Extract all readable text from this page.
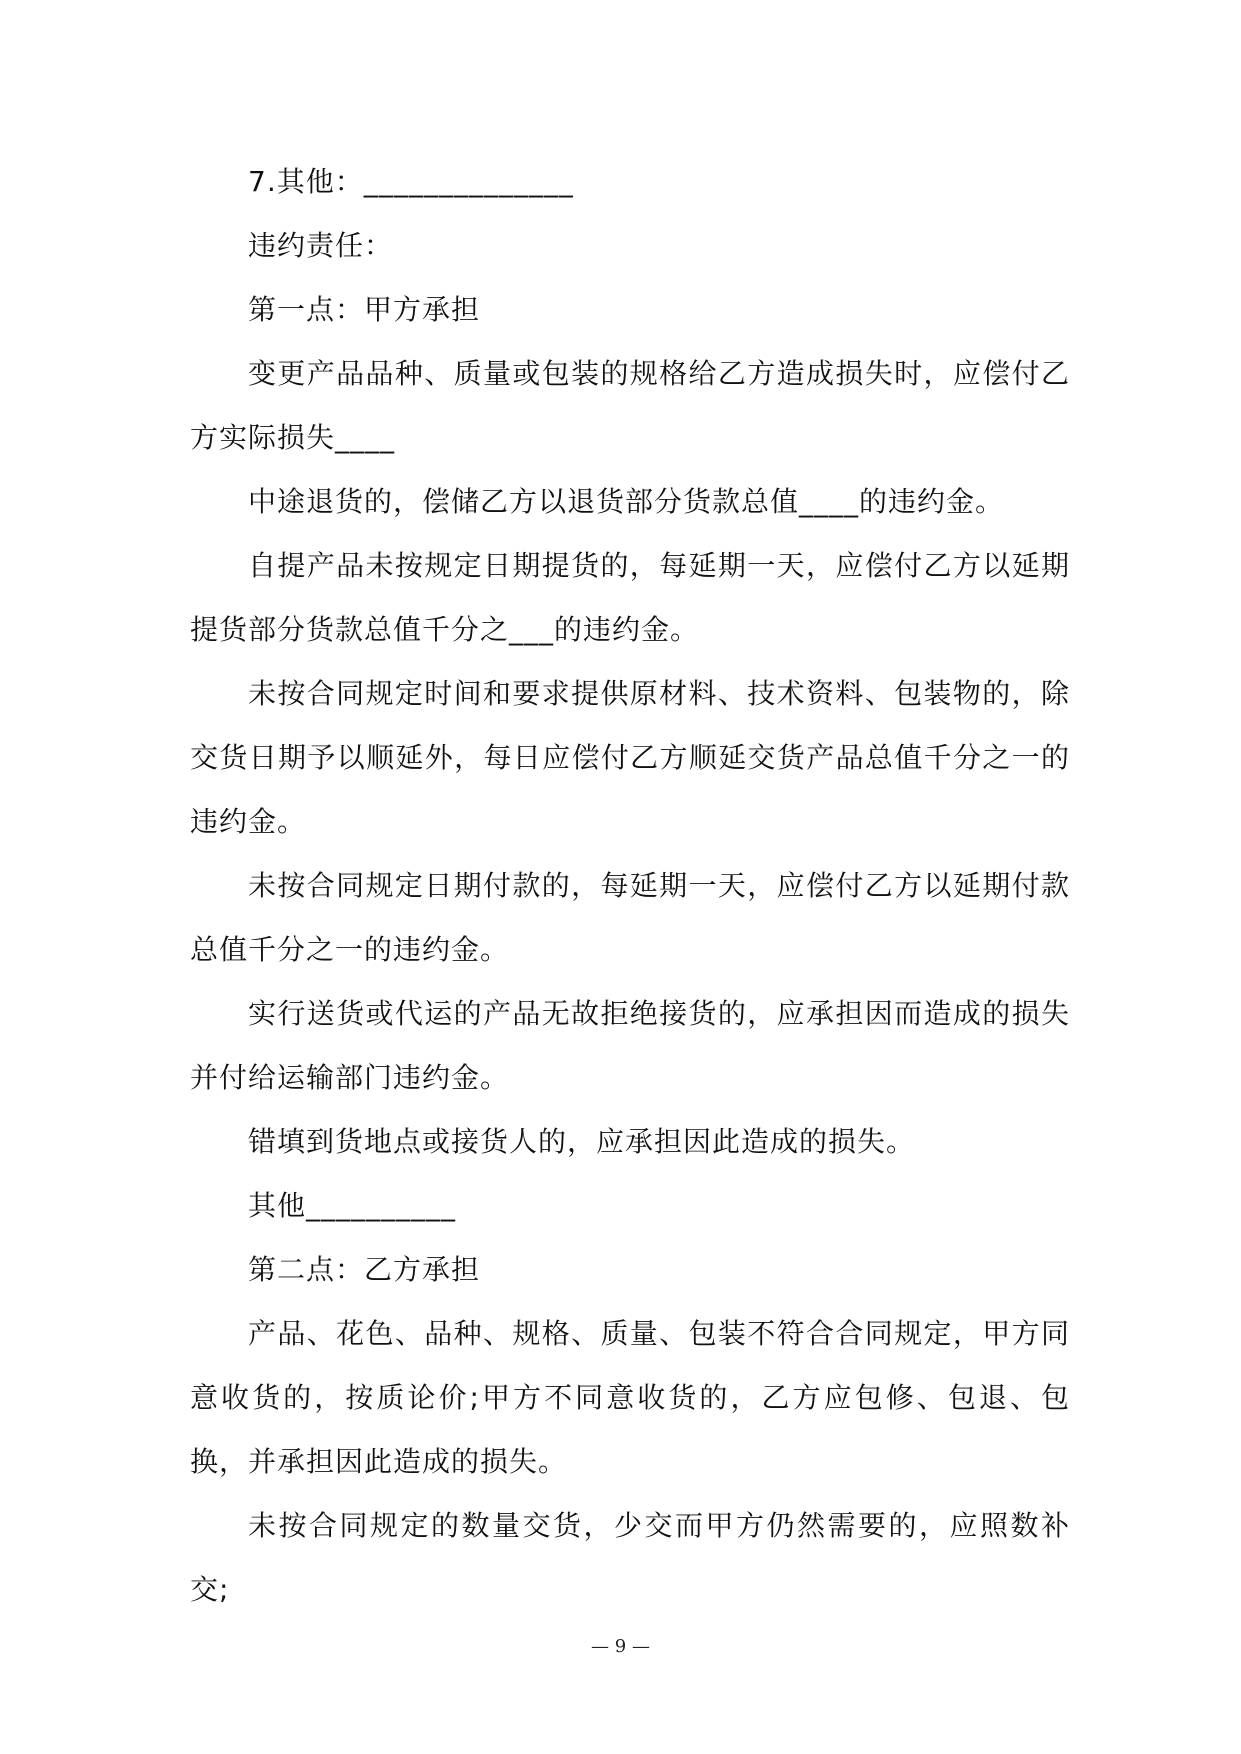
7.其他：______________

违约责任：

第一点：甲方承担

变更产品品种、质量或包装的规格给乙方造成损失时，应偿付乙方实际损失____

中途退货的，偿储乙方以退货部分货款总值____的违约金。

自提产品未按规定日期提货的，每延期一天，应偿付乙方以延期提货部分货款总值千分之___的违约金。

未按合同规定时间和要求提供原材料、技术资料、包装物的，除交货日期予以顺延外，每日应偿付乙方顺延交货产品总值千分之一的违约金。

未按合同规定日期付款的，每延期一天，应偿付乙方以延期付款总值千分之一的违约金。

实行送货或代运的产品无故拒绝接货的，应承担因而造成的损失并付给运输部门违约金。

错填到货地点或接货人的，应承担因此造成的损失。

其他__________

第二点：乙方承担

产品、花色、品种、规格、质量、包装不符合合同规定，甲方同意收货的，按质论价;甲方不同意收货的，乙方应包修、包退、包换，并承担因此造成的损失。

未按合同规定的数量交货，少交而甲方仍然需要的，应照数补交;

— 9 —
